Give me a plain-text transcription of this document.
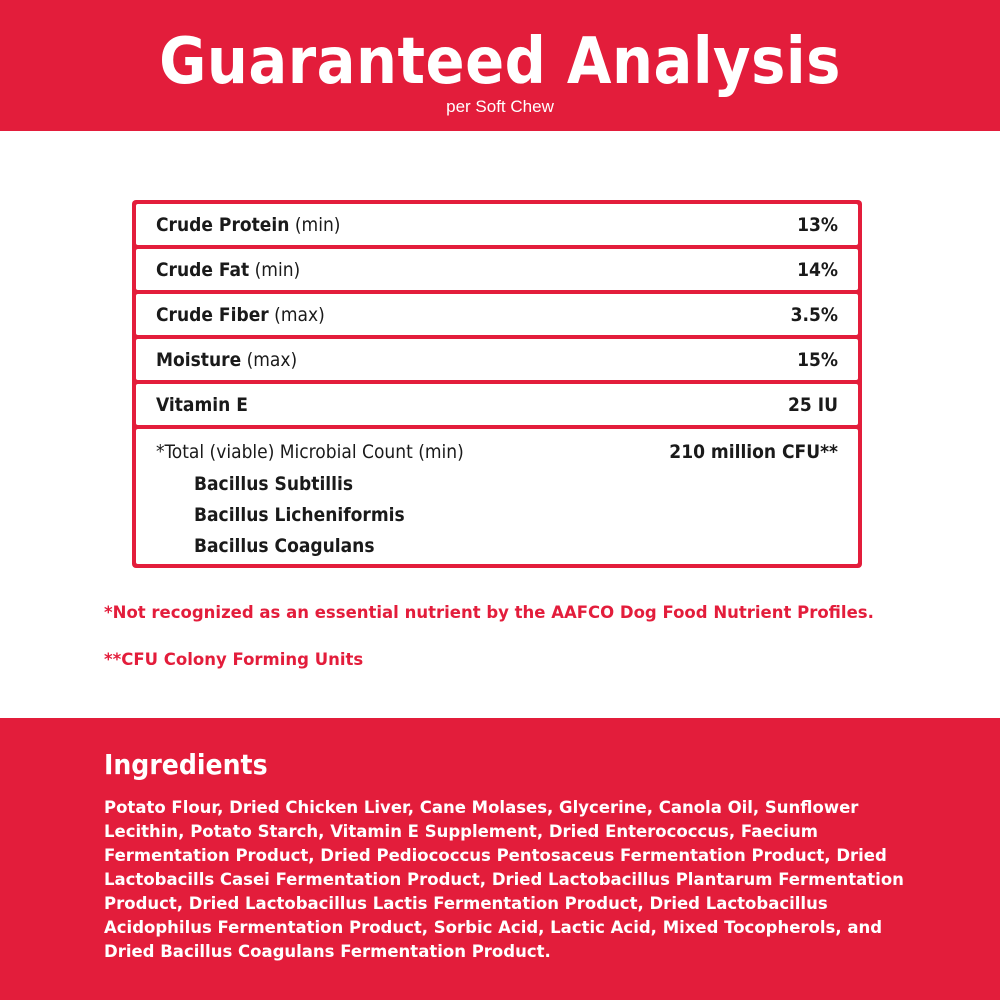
Guaranteed Analysis
per Soft Chew
Crude Protein (min)	13%
Crude Fat (min)	14%
Crude Fiber (max)	3.5%
Moisture (max)	15%
Vitamin E	25 IU
*Total (viable) Microbial Count (min)	210 million CFU**
Bacillus Subtillis
Bacillus Licheniformis
Bacillus Coagulans
*Not recognized as an essential nutrient by the AAFCO Dog Food Nutrient Profiles.
**CFU Colony Forming Units
Ingredients
Potato Flour, Dried Chicken Liver, Cane Molases, Glycerine, Canola Oil, Sunflower Lecithin, Potato Starch, Vitamin E Supplement, Dried Enterococcus, Faecium Fermentation Product, Dried Pediococcus Pentosaceus Fermentation Product, Dried Lactobacills Casei Fermentation Product, Dried Lactobacillus Plantarum Fermentation Product, Dried Lactobacillus Lactis Fermentation Product, Dried Lactobacillus Acidophilus Fermentation Product, Sorbic Acid, Lactic Acid, Mixed Tocopherols, and Dried Bacillus Coagulans Fermentation Product.
